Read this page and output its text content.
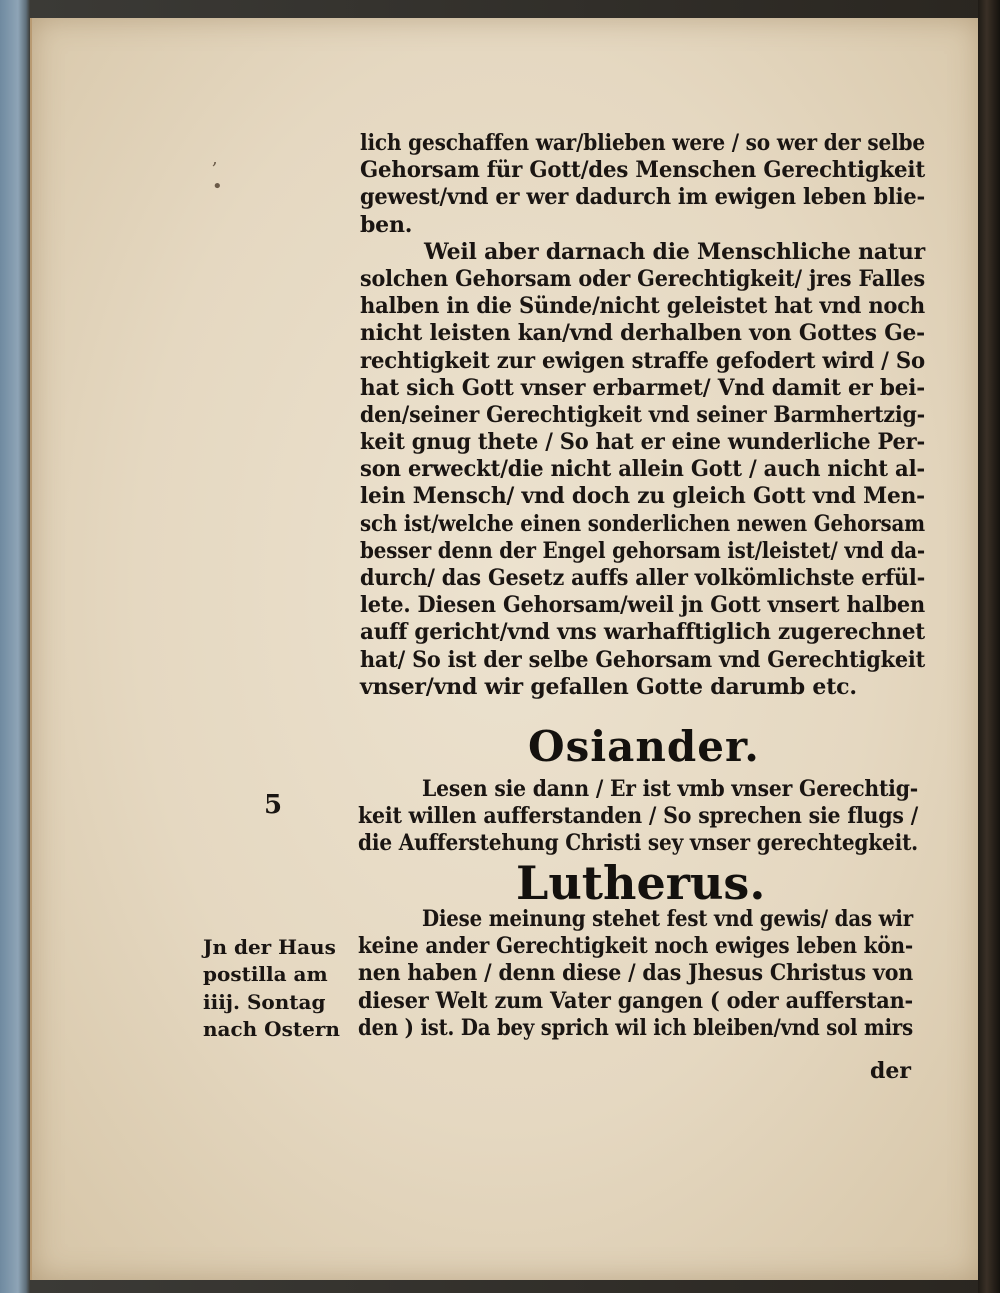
,
•
lich geschaffen war/blieben were / so wer der selbe
Gehorsam für Gott/des Menschen Gerechtigkeit
gewest/vnd er wer dadurch im ewigen leben blie-
ben.
Weil aber darnach die Menschliche natur
solchen Gehorsam oder Gerechtigkeit/ jres Falles
halben in die Sünde/nicht geleistet hat vnd noch
nicht leisten kan/vnd derhalben von Gottes Ge-
rechtigkeit zur ewigen straffe gefodert wird / So
hat sich Gott vnser erbarmet/ Vnd damit er bei-
den/seiner Gerechtigkeit vnd seiner Barmhertzig-
keit gnug thete / So hat er eine wunderliche Per-
son erweckt/die nicht allein Gott / auch nicht al-
lein Mensch/ vnd doch zu gleich Gott vnd Men-
sch ist/welche einen sonderlichen newen Gehorsam
besser denn der Engel gehorsam ist/leistet/ vnd da-
durch/ das Gesetz auffs aller volkömlichste erfül-
lete. Diesen Gehorsam/weil jn Gott vnsert halben
auff gericht/vnd vns warhafftiglich zugerechnet
hat/ So ist der selbe Gehorsam vnd Gerechtigkeit
vnser/vnd wir gefallen Gotte darumb etc.
Osiander.
5
Lesen sie dann / Er ist vmb vnser Gerechtig-
keit willen aufferstanden / So sprechen sie flugs /
die Aufferstehung Christi sey vnser gerechtegkeit.
Lutherus.
Diese meinung stehet fest vnd gewis/ das wir
keine ander Gerechtigkeit noch ewiges leben kön-
nen haben / denn diese / das Jhesus Christus von
dieser Welt zum Vater gangen ( oder aufferstan-
den ) ist. Da bey sprich wil ich bleiben/vnd sol mirs
Jn der Haus
postilla am
iiij. Sontag
nach Ostern
der
